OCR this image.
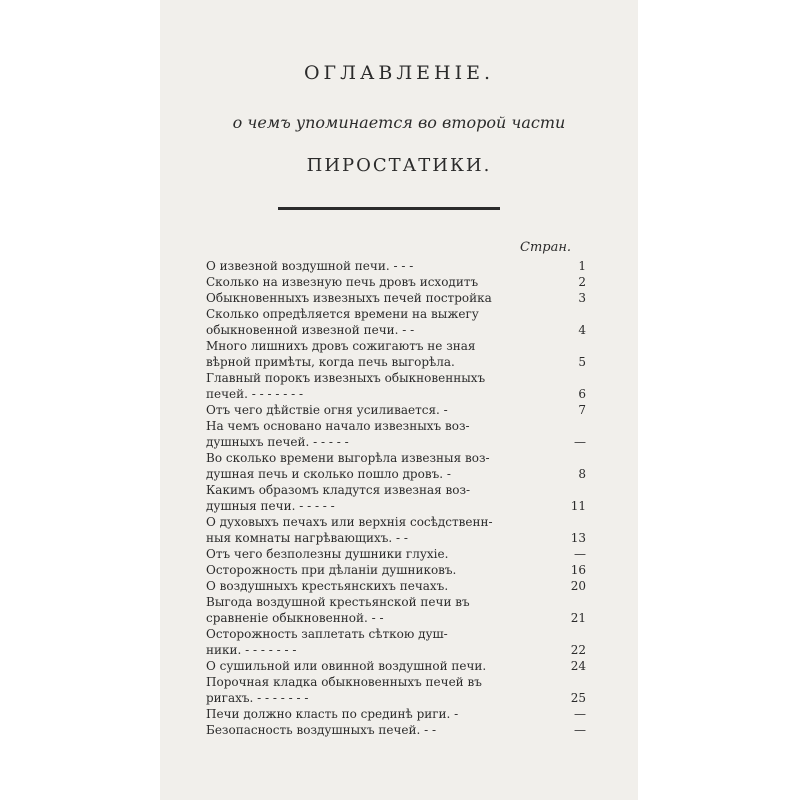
ОГЛАВЛЕНІЕ.
о чемъ упоминается во второй части
ПИРОСТАТИКИ.
Стран.
О извезной воздушной печи. - - -	1
Сколько на извезную печь дровъ исходитъ	2
Обыкновенныхъ извезныхъ печей постройка	3
Сколько опредѣляется времени на выжегу
обыкновенной извезной печи. - -	4
Много лишнихъ дровъ сожигаютъ не зная
вѣрной примѣты, когда печь выгорѣла.	5
Главный порокъ извезныхъ обыкновенныхъ
печей. - - - - - - -	6
Отъ чего дѣйствіе огня усиливается. -	7
На чемъ основано начало извезныхъ воз-
душныхъ печей. - - - - -	—
Во сколько времени выгорѣла извезныя воз-
душная печь и сколько пошло дровъ. -	8
Какимъ образомъ кладутся извезная воз-
душныя печи. - - - - -	11
О духовыхъ печахъ или верхнія сосѣдственн-
ныя комнаты нагрѣвающихъ. - -	13
Отъ чего безполезны душники глухіе.	—
Осторожность при дѣланіи душниковъ.	16
О воздушныхъ крестьянскихъ печахъ.	20
Выгода воздушной крестьянской печи въ
сравненіе обыкновенной. - -	21
Осторожность заплетать сѣткою душ-
ники. - - - - - - -	22
О сушильной или овинной воздушной печи.	24
Порочная кладка обыкновенныхъ печей въ
ригахъ. - - - - - - -	25
Печи должно класть по срединѣ риги. -	—
Безопасность воздушныхъ печей. - -	—
